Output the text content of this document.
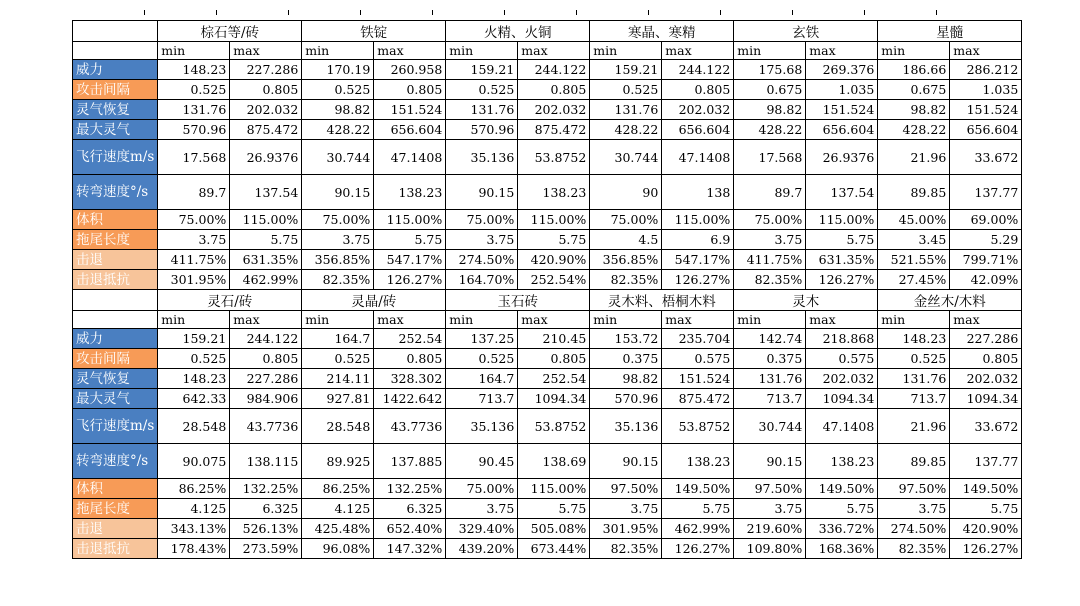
	棕石等/砖		铁锭		火精、火铜		寒晶、寒精		玄铁		星髓	
	min	max	min	max	min	max	min	max	min	max	min	max
威力	148.23	227.286	170.19	260.958	159.21	244.122	159.21	244.122	175.68	269.376	186.66	286.212
攻击间隔	0.525	0.805	0.525	0.805	0.525	0.805	0.525	0.805	0.675	1.035	0.675	1.035
灵气恢复	131.76	202.032	98.82	151.524	131.76	202.032	131.76	202.032	98.82	151.524	98.82	151.524
最大灵气	570.96	875.472	428.22	656.604	570.96	875.472	428.22	656.604	428.22	656.604	428.22	656.604
飞行速度m/s	17.568	26.9376	30.744	47.1408	35.136	53.8752	30.744	47.1408	17.568	26.9376	21.96	33.672
转弯速度°/s	89.7	137.54	90.15	138.23	90.15	138.23	90	138	89.7	137.54	89.85	137.77
体积	75.00%	115.00%	75.00%	115.00%	75.00%	115.00%	75.00%	115.00%	75.00%	115.00%	45.00%	69.00%
拖尾长度	3.75	5.75	3.75	5.75	3.75	5.75	4.5	6.9	3.75	5.75	3.45	5.29
击退	411.75%	631.35%	356.85%	547.17%	274.50%	420.90%	356.85%	547.17%	411.75%	631.35%	521.55%	799.71%
击退抵抗	301.95%	462.99%	82.35%	126.27%	164.70%	252.54%	82.35%	126.27%	82.35%	126.27%	27.45%	42.09%
	灵石/砖		灵晶/砖		玉石砖		灵木料、梧桐木料		灵木		金丝木/木料	
	min	max	min	max	min	max	min	max	min	max	min	max
威力	159.21	244.122	164.7	252.54	137.25	210.45	153.72	235.704	142.74	218.868	148.23	227.286
攻击间隔	0.525	0.805	0.525	0.805	0.525	0.805	0.375	0.575	0.375	0.575	0.525	0.805
灵气恢复	148.23	227.286	214.11	328.302	164.7	252.54	98.82	151.524	131.76	202.032	131.76	202.032
最大灵气	642.33	984.906	927.81	1422.642	713.7	1094.34	570.96	875.472	713.7	1094.34	713.7	1094.34
飞行速度m/s	28.548	43.7736	28.548	43.7736	35.136	53.8752	35.136	53.8752	30.744	47.1408	21.96	33.672
转弯速度°/s	90.075	138.115	89.925	137.885	90.45	138.69	90.15	138.23	90.15	138.23	89.85	137.77
体积	86.25%	132.25%	86.25%	132.25%	75.00%	115.00%	97.50%	149.50%	97.50%	149.50%	97.50%	149.50%
拖尾长度	4.125	6.325	4.125	6.325	3.75	5.75	3.75	5.75	3.75	5.75	3.75	5.75
击退	343.13%	526.13%	425.48%	652.40%	329.40%	505.08%	301.95%	462.99%	219.60%	336.72%	274.50%	420.90%
击退抵抗	178.43%	273.59%	96.08%	147.32%	439.20%	673.44%	82.35%	126.27%	109.80%	168.36%	82.35%	126.27%
